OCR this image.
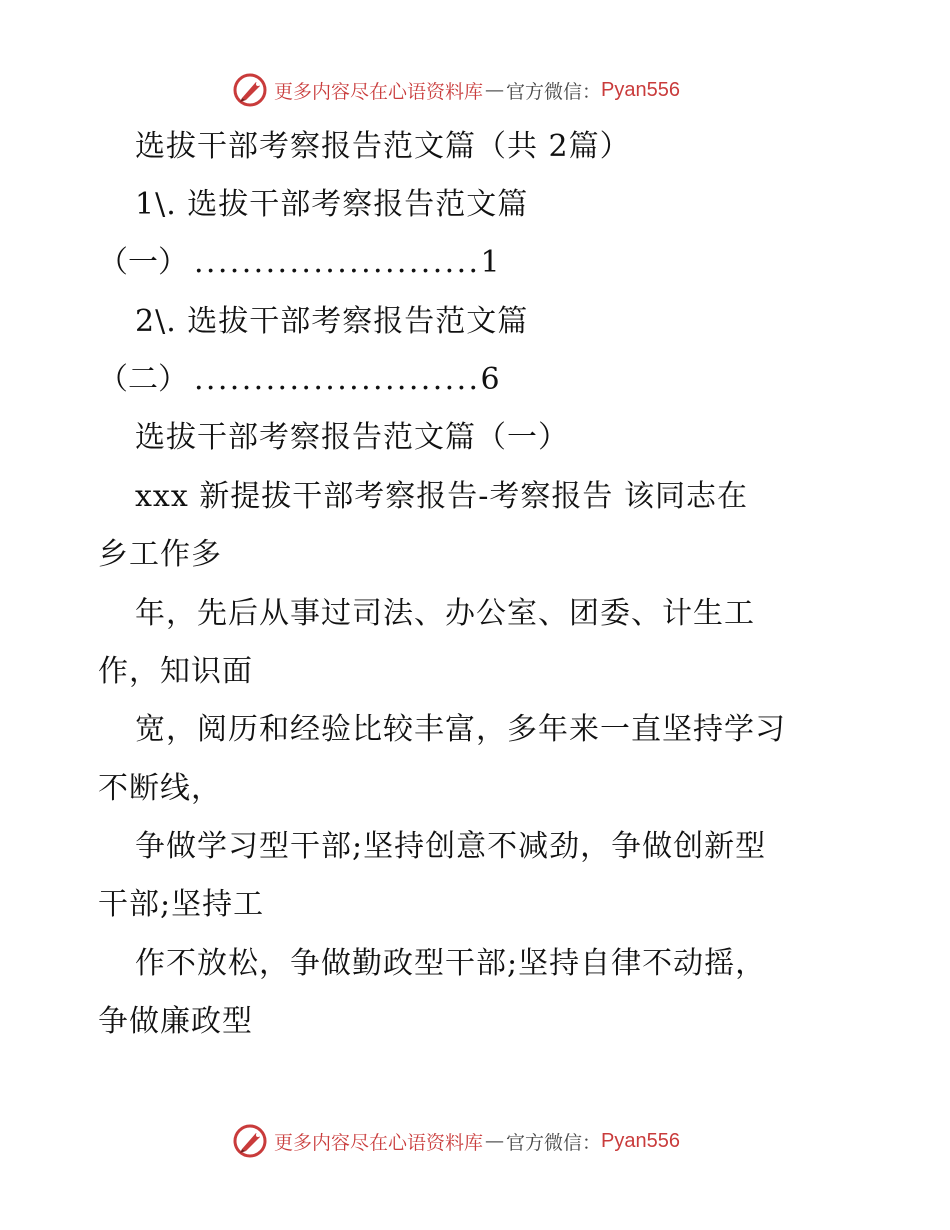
更多内容尽在心语资料库 — 官方微信： Pyan556
选拔干部考察报告范文篇（共 2篇）
1\. 选拔干部考察报告范文篇
（一） ........................ 1
2\. 选拔干部考察报告范文篇
（二） ........................ 6
选拔干部考察报告范文篇（一）
xxx 新提拔干部考察报告-考察报告 该同志在
乡工作多
年，先后从事过司法、办公室、团委、计生工
作，知识面
宽，阅历和经验比较丰富，多年来一直坚持学习
不断线，
争做学习型干部;坚持创意不减劲，争做创新型
干部;坚持工
作不放松，争做勤政型干部;坚持自律不动摇，
争做廉政型
更多内容尽在心语资料库 — 官方微信： Pyan556
